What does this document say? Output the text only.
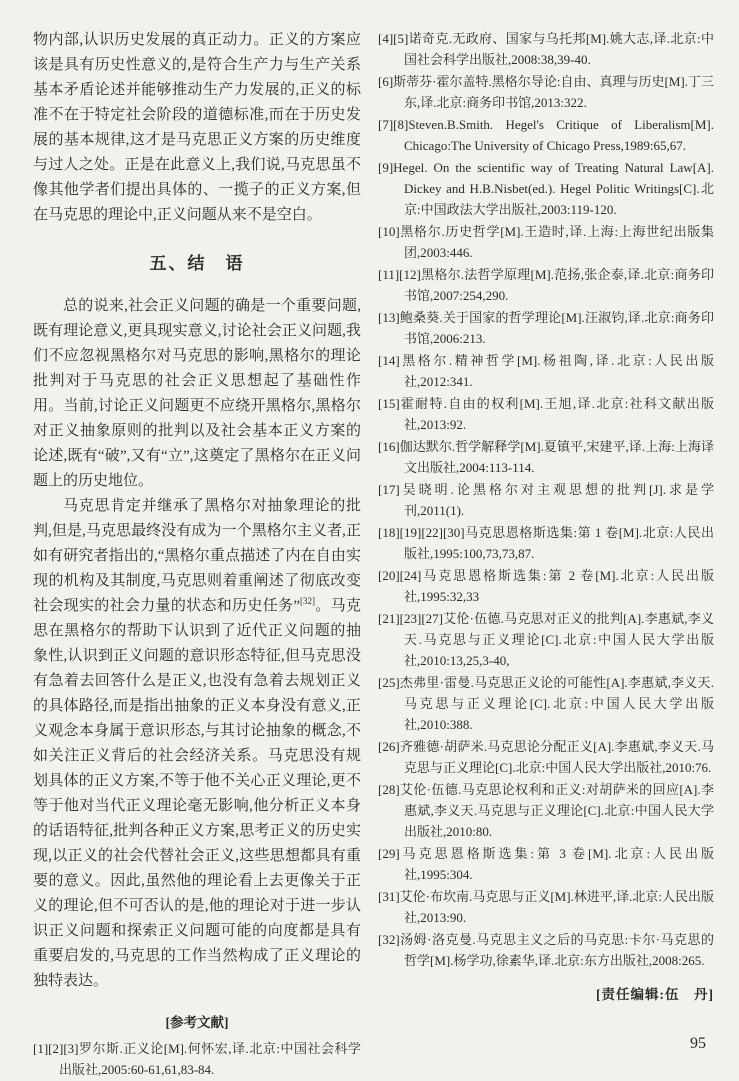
物内部,认识历史发展的真正动力。正义的方案应该是具有历史性意义的,是符合生产力与生产关系基本矛盾论述并能够推动生产力发展的,正义的标准不在于特定社会阶段的道德标准,而在于历史发展的基本规律,这才是马克思正义方案的历史维度与过人之处。正是在此意义上,我们说,马克思虽不像其他学者们提出具体的、一揽子的正义方案,但在马克思的理论中,正义问题从来不是空白。

五、结　语

总的说来,社会正义问题的确是一个重要问题,既有理论意义,更具现实意义,讨论社会正义问题,我们不应忽视黑格尔对马克思的影响,黑格尔的理论批判对于马克思的社会正义思想起了基础性作用。当前,讨论正义问题更不应绕开黑格尔,黑格尔对正义抽象原则的批判以及社会基本正义方案的论述,既有“破”,又有“立”,这奠定了黑格尔在正义问题上的历史地位。

马克思肯定并继承了黑格尔对抽象理论的批判,但是,马克思最终没有成为一个黑格尔主义者,正如有研究者指出的,“黑格尔重点描述了内在自由实现的机构及其制度,马克思则着重阐述了彻底改变社会现实的社会力量的状态和历史任务”[32]。马克思在黑格尔的帮助下认识到了近代正义问题的抽象性,认识到正义问题的意识形态特征,但马克思没有急着去回答什么是正义,也没有急着去规划正义的具体路径,而是指出抽象的正义本身没有意义,正义观念本身属于意识形态,与其讨论抽象的概念,不如关注正义背后的社会经济关系。马克思没有规划具体的正义方案,不等于他不关心正义理论,更不等于他对当代正义理论毫无影响,他分析正义本身的话语特征,批判各种正义方案,思考正义的历史实现,以正义的社会代替社会正义,这些思想都具有重要的意义。因此,虽然他的理论看上去更像关于正义的理论,但不可否认的是,他的理论对于进一步认识正义问题和探索正义问题可能的向度都是具有重要启发的,马克思的工作当然构成了正义理论的独特表达。

[参考文献]
[1][2][3]罗尔斯.正义论[M].何怀宏,译.北京:中国社会科学出版社,2005:60-61,61,83-84.
[4][5]诺奇克.无政府、国家与乌托邦[M].姚大志,译.北京:中国社会科学出版社,2008:38,39-40.
[6]斯蒂芬·霍尔盖特.黑格尔导论:自由、真理与历史[M].丁三东,译.北京:商务印书馆,2013:322.
[7][8]Steven.B.Smith. Hegel's Critique of Liberalism[M]. Chicago:The University of Chicago Press,1989:65,67.
[9]Hegel. On the scientific way of Treating Natural Law[A]. Dickey and H.B.Nisbet(ed.). Hegel Politic Writings[C].北京:中国政法大学出版社,2003:119-120.
[10]黑格尔.历史哲学[M].王造时,译.上海:上海世纪出版集团,2003:446.
[11][12]黑格尔.法哲学原理[M].范扬,张企泰,译.北京:商务印书馆,2007:254,290.
[13]鲍桑葵.关于国家的哲学理论[M].汪淑钧,译.北京:商务印书馆,2006:213.
[14]黑格尔.精神哲学[M].杨祖陶,译.北京:人民出版社,2012:341.
[15]霍耐特.自由的权利[M].王旭,译.北京:社科文献出版社,2013:92.
[16]伽达默尔.哲学解释学[M].夏镇平,宋建平,译.上海:上海译文出版社,2004:113-114.
[17]吴晓明.论黑格尔对主观思想的批判[J].求是学刊,2011(1).
[18][19][22][30]马克思恩格斯选集:第 1 卷[M].北京:人民出版社,1995:100,73,73,87.
[20][24]马克思恩格斯选集:第 2 卷[M].北京:人民出版社,1995:32,33
[21][23][27]艾伦·伍德.马克思对正义的批判[A].李惠斌,李义天.马克思与正义理论[C].北京:中国人民大学出版社,2010:13,25,3-40,
[25]杰弗里·雷曼.马克思正义论的可能性[A].李惠斌,李义天.马克思与正义理论[C].北京:中国人民大学出版社,2010:388.
[26]齐雅德·胡萨米.马克思论分配正义[A].李惠斌,李义天.马克思与正义理论[C].北京:中国人民大学出版社,2010:76.
[28]艾伦·伍德.马克思论权利和正义:对胡萨米的回应[A].李惠斌,李义天.马克思与正义理论[C].北京:中国人民大学出版社,2010:80.
[29]马克思恩格斯选集:第 3 卷[M].北京:人民出版社,1995:304.
[31]艾伦·布坎南.马克思与正义[M].林进平,译.北京:人民出版社,2013:90.
[32]汤姆·洛克曼.马克思主义之后的马克思:卡尔·马克思的哲学[M].杨学功,徐素华,译.北京:东方出版社,2008:265.
[责任编辑:伍　丹]
95
